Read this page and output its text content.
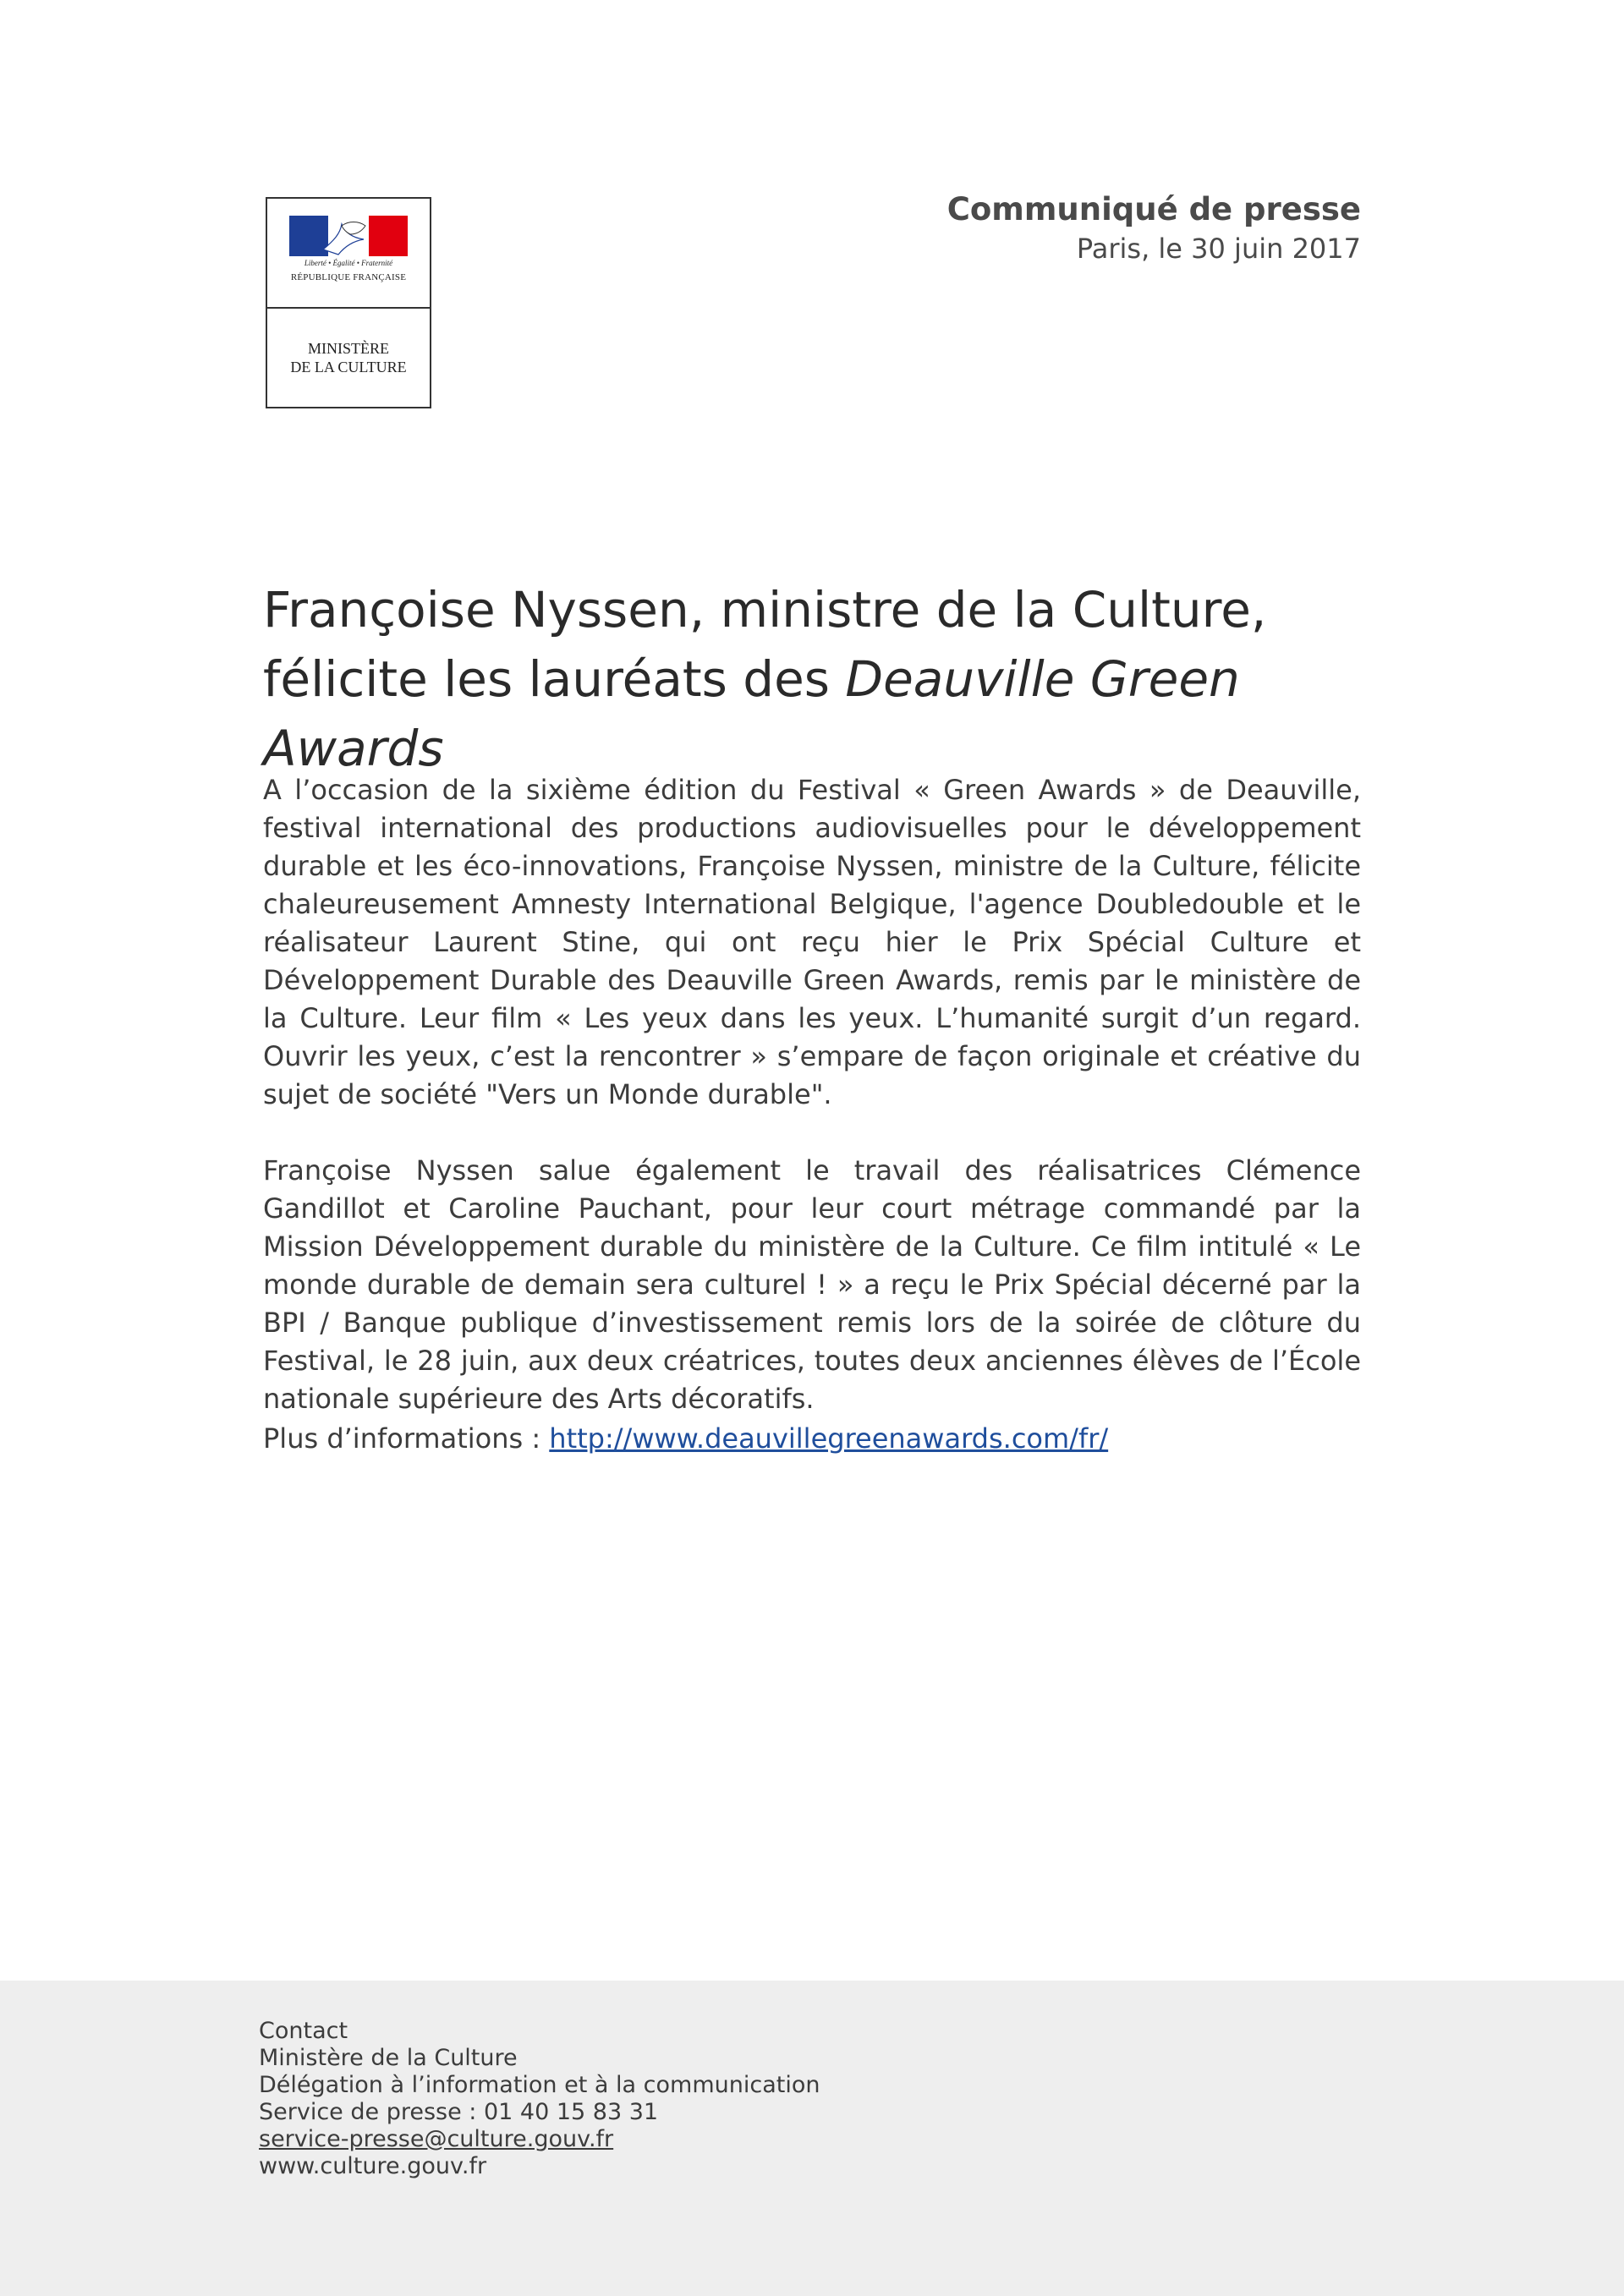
Liberté • Égalité • Fraternité
RÉPUBLIQUE FRANÇAISE
MINISTÈRE
DE LA CULTURE
Communiqué de presse
Paris, le 30 juin 2017
Françoise Nyssen, ministre de la Culture, félicite les lauréats des Deauville Green Awards

A l’occasion de la sixième édition du Festival « Green Awards » de Deauville, festival international des productions audiovisuelles pour le développement durable et les éco-innovations, Françoise Nyssen, ministre de la Culture, félicite chaleureusement Amnesty International Belgique, l'agence Doubledouble et le réalisateur Laurent Stine, qui ont reçu hier le Prix Spécial Culture et Développement Durable des Deauville Green Awards, remis par le ministère de la Culture. Leur film « Les yeux dans les yeux. L’humanité surgit d’un regard. Ouvrir les yeux, c’est la rencontrer » s’empare de façon originale et créative du sujet de société "Vers un Monde durable".

Françoise Nyssen salue également le travail des réalisatrices Clémence Gandillot et Caroline Pauchant, pour leur court métrage commandé par la Mission Développement durable du ministère de la Culture. Ce film intitulé « Le monde durable de demain sera culturel ! » a reçu le Prix Spécial décerné par la BPI / Banque publique d’investissement remis lors de la soirée de clôture du Festival, le 28 juin, aux deux créatrices, toutes deux anciennes élèves de l’École nationale supérieure des Arts décoratifs.

Plus d’informations : http://www.deauvillegreenawards.com/fr/
Contact
Ministère de la Culture
Délégation à l’information et à la communication
Service de presse : 01 40 15 83 31
service-presse@culture.gouv.fr
www.culture.gouv.fr
